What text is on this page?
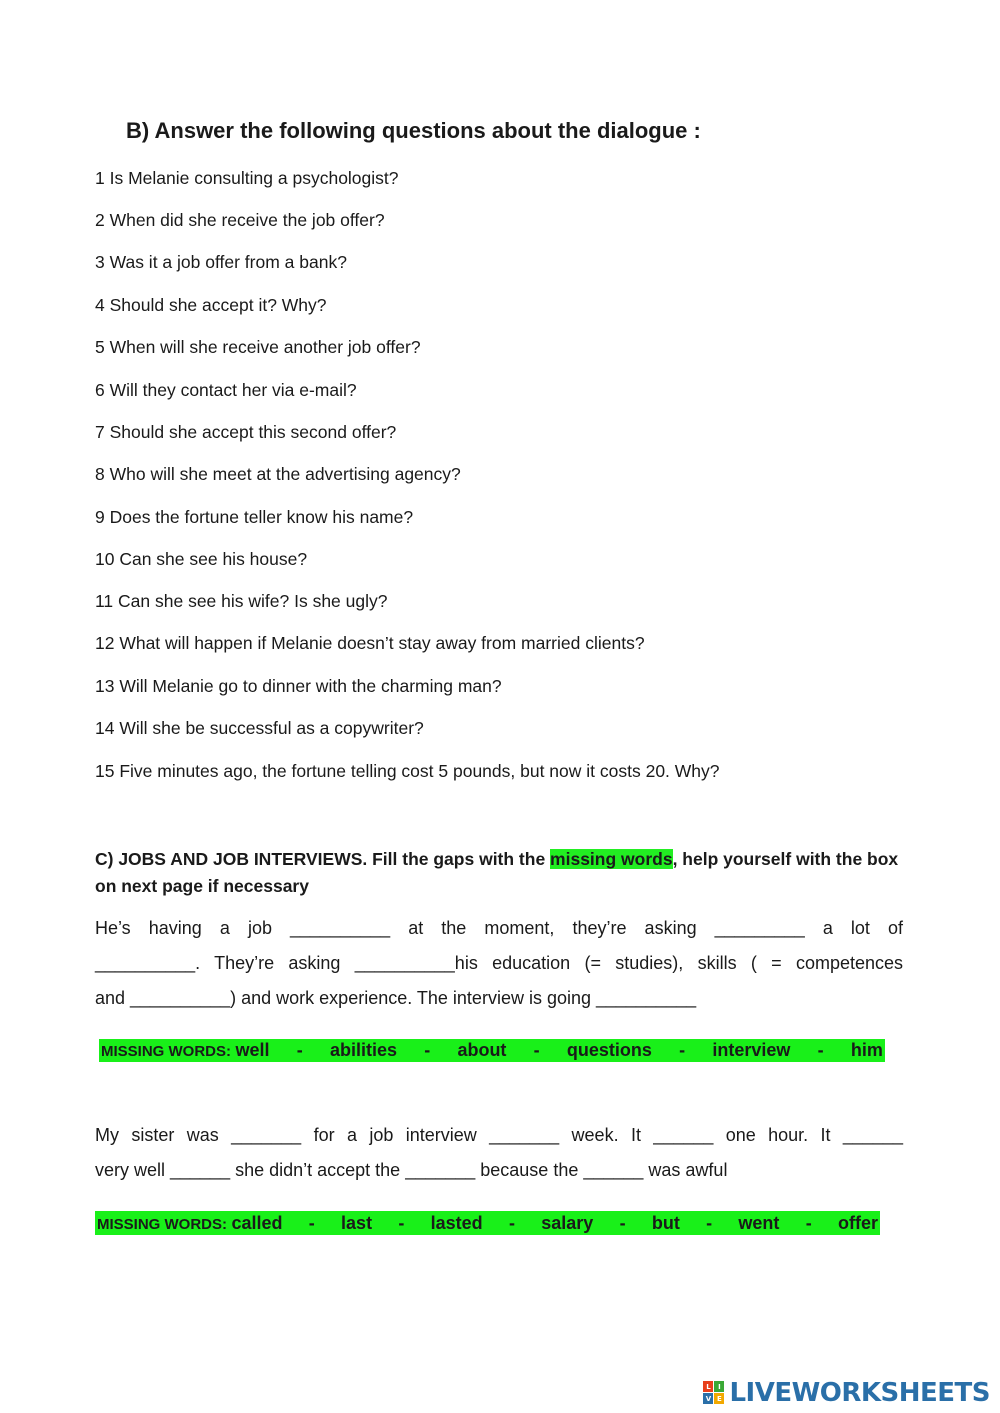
B) Answer the following questions about the dialogue :
1 Is Melanie consulting a psychologist?
2 When did she receive the job offer?
3 Was it a job offer from a bank?
4 Should she accept it? Why?
5 When will she receive another job offer?
6 Will they contact her via e-mail?
7 Should she accept this second offer?
8 Who will she meet at the advertising agency?
9 Does the fortune teller know his name?
10 Can she see his house?
11 Can she see his wife? Is she ugly?
12 What will happen if Melanie doesn’t stay away from married clients?
13 Will Melanie go to dinner with the charming man?
14 Will she be successful as a copywriter?
15 Five minutes ago, the fortune telling cost 5 pounds, but now it costs 20. Why?
C) JOBS AND JOB INTERVIEWS. Fill the gaps with the missing words, help yourself with the box on next page if necessary
He’s having a job __________ at the moment, they’re asking _________ a lot of
__________. They’re asking __________his education (= studies), skills ( = competences
and __________) and work experience. The interview is going __________
MISSING WORDS: well - abilities - about - questions - interview - him
My sister was _______ for a job interview _______ week. It ______ one hour. It ______
very well ______ she didn’t accept the _______ because the ______ was awful
MISSING WORDS: called - last - lasted - salary - but - went - offer
L	I
V E LIVEWORKSHEETS
